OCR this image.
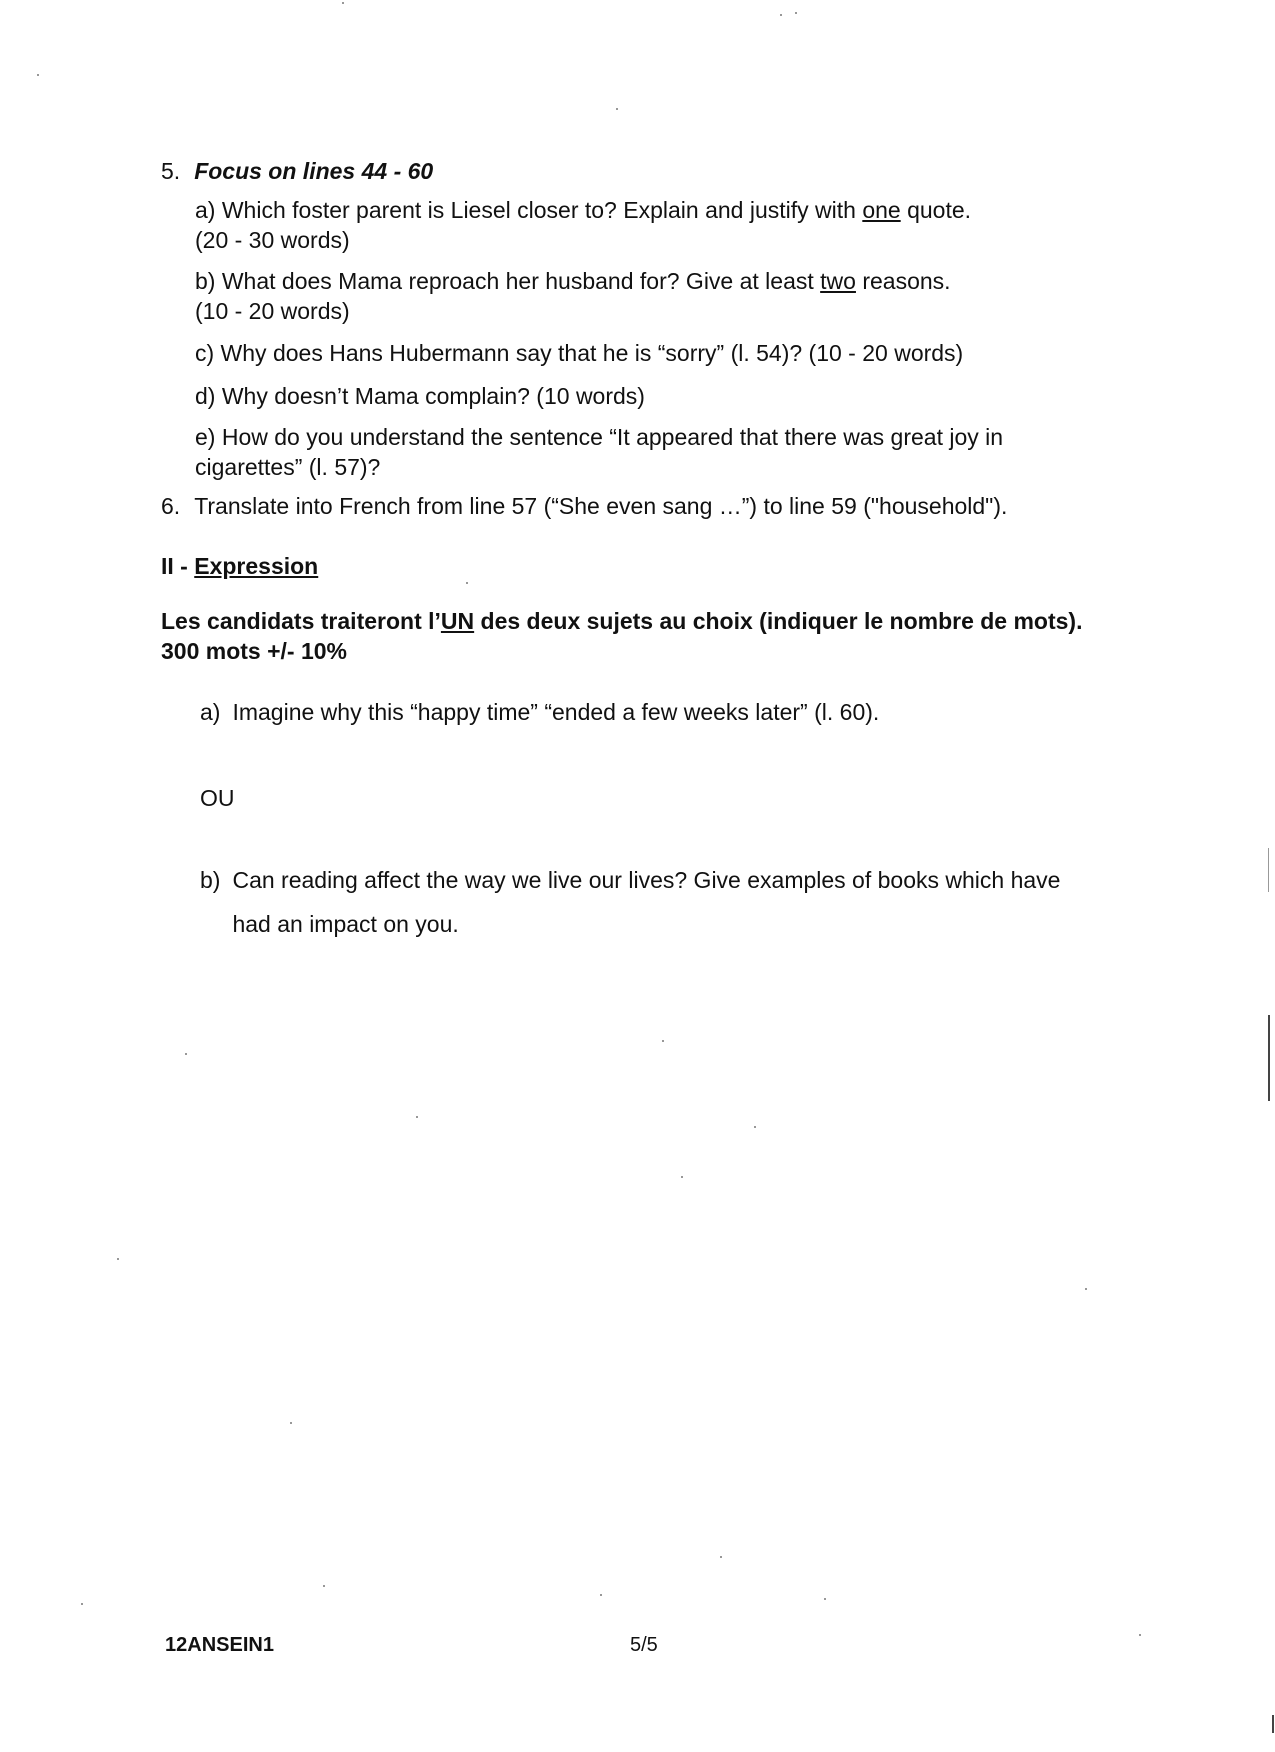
5. Focus on lines 44 - 60
a) Which foster parent is Liesel closer to? Explain and justify with one quote.
(20 - 30 words)
b) What does Mama reproach her husband for? Give at least two reasons.
(10 - 20 words)
c) Why does Hans Hubermann say that he is “sorry” (l. 54)? (10 - 20 words)
d) Why doesn’t Mama complain? (10 words)
e) How do you understand the sentence “It appeared that there was great joy in cigarettes” (l. 57)?
6. Translate into French from line 57 (“She even sang …”) to line 59 ("household").
II - Expression
Les candidats traiteront l’UN des deux sujets au choix (indiquer le nombre de mots). 300 mots +/- 10%
a) Imagine why this “happy time” “ended a few weeks later” (l. 60).
OU
b) Can reading affect the way we live our lives? Give examples of books which have had an impact on you.
12ANSEIN1	5/5
